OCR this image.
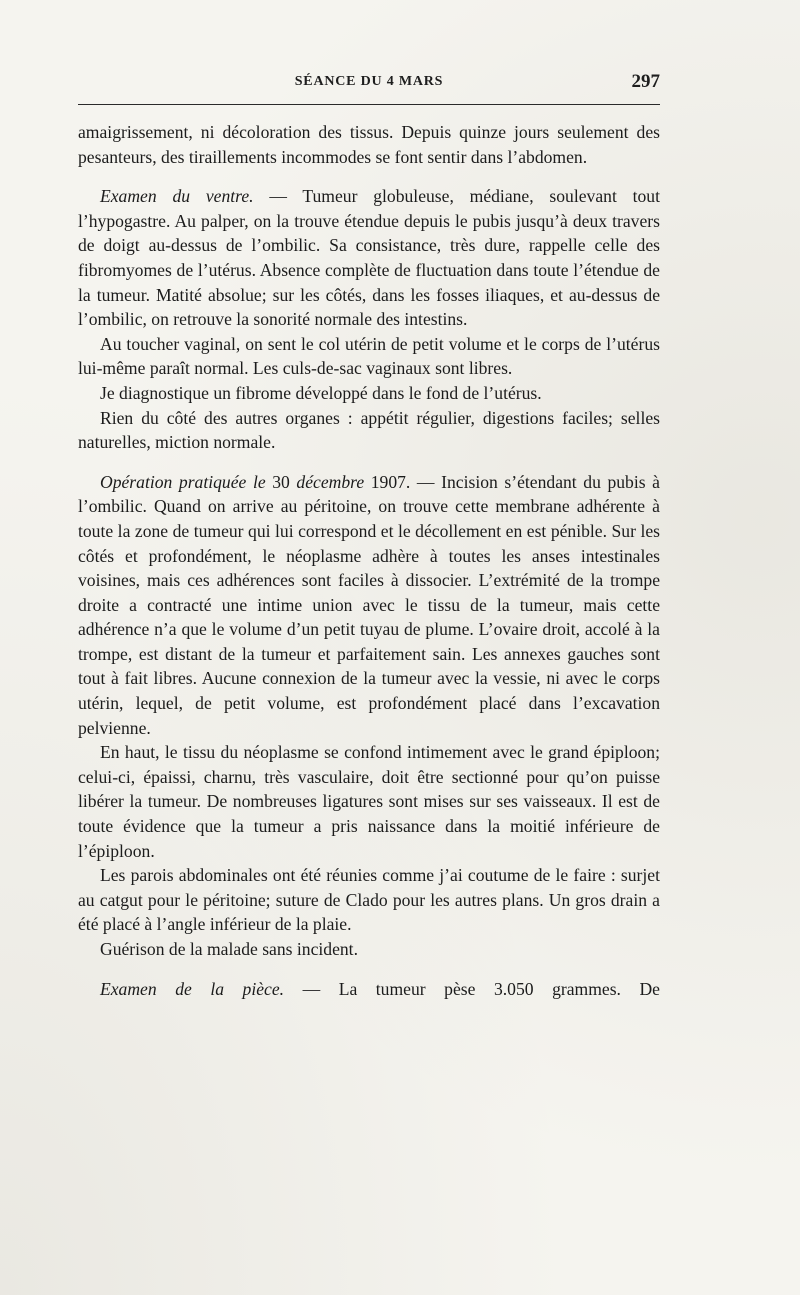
SÉANCE DU 4 MARS	297

amaigrissement, ni décoloration des tissus. Depuis quinze jours seulement des pesanteurs, des tiraillements incommodes se font sentir dans l’abdomen.

Examen du ventre. — Tumeur globuleuse, médiane, soulevant tout l’hypogastre. Au palper, on la trouve étendue depuis le pubis jusqu’à deux travers de doigt au-dessus de l’ombilic. Sa consistance, très dure, rappelle celle des fibromyomes de l’utérus. Absence complète de fluctuation dans toute l’étendue de la tumeur. Matité absolue; sur les côtés, dans les fosses iliaques, et au-dessus de l’ombilic, on retrouve la sonorité normale des intestins.

Au toucher vaginal, on sent le col utérin de petit volume et le corps de l’utérus lui-même paraît normal. Les culs-de-sac vaginaux sont libres.

Je diagnostique un fibrome développé dans le fond de l’utérus.

Rien du côté des autres organes : appétit régulier, digestions faciles; selles naturelles, miction normale.

Opération pratiquée le 30 décembre 1907. — Incision s’étendant du pubis à l’ombilic. Quand on arrive au péritoine, on trouve cette membrane adhérente à toute la zone de tumeur qui lui correspond et le décollement en est pénible. Sur les côtés et profondément, le néoplasme adhère à toutes les anses intestinales voisines, mais ces adhérences sont faciles à dissocier. L’extrémité de la trompe droite a contracté une intime union avec le tissu de la tumeur, mais cette adhérence n’a que le volume d’un petit tuyau de plume. L’ovaire droit, accolé à la trompe, est distant de la tumeur et parfaitement sain. Les annexes gauches sont tout à fait libres. Aucune connexion de la tumeur avec la vessie, ni avec le corps utérin, lequel, de petit volume, est profondément placé dans l’excavation pelvienne.

En haut, le tissu du néoplasme se confond intimement avec le grand épiploon; celui-ci, épaissi, charnu, très vasculaire, doit être sectionné pour qu’on puisse libérer la tumeur. De nombreuses ligatures sont mises sur ses vaisseaux. Il est de toute évidence que la tumeur a pris naissance dans la moitié inférieure de l’épiploon.

Les parois abdominales ont été réunies comme j’ai coutume de le faire : surjet au catgut pour le péritoine; suture de Clado pour les autres plans. Un gros drain a été placé à l’angle inférieur de la plaie.

Guérison de la malade sans incident.

Examen de la pièce. — La tumeur pèse 3.050 grammes. De
